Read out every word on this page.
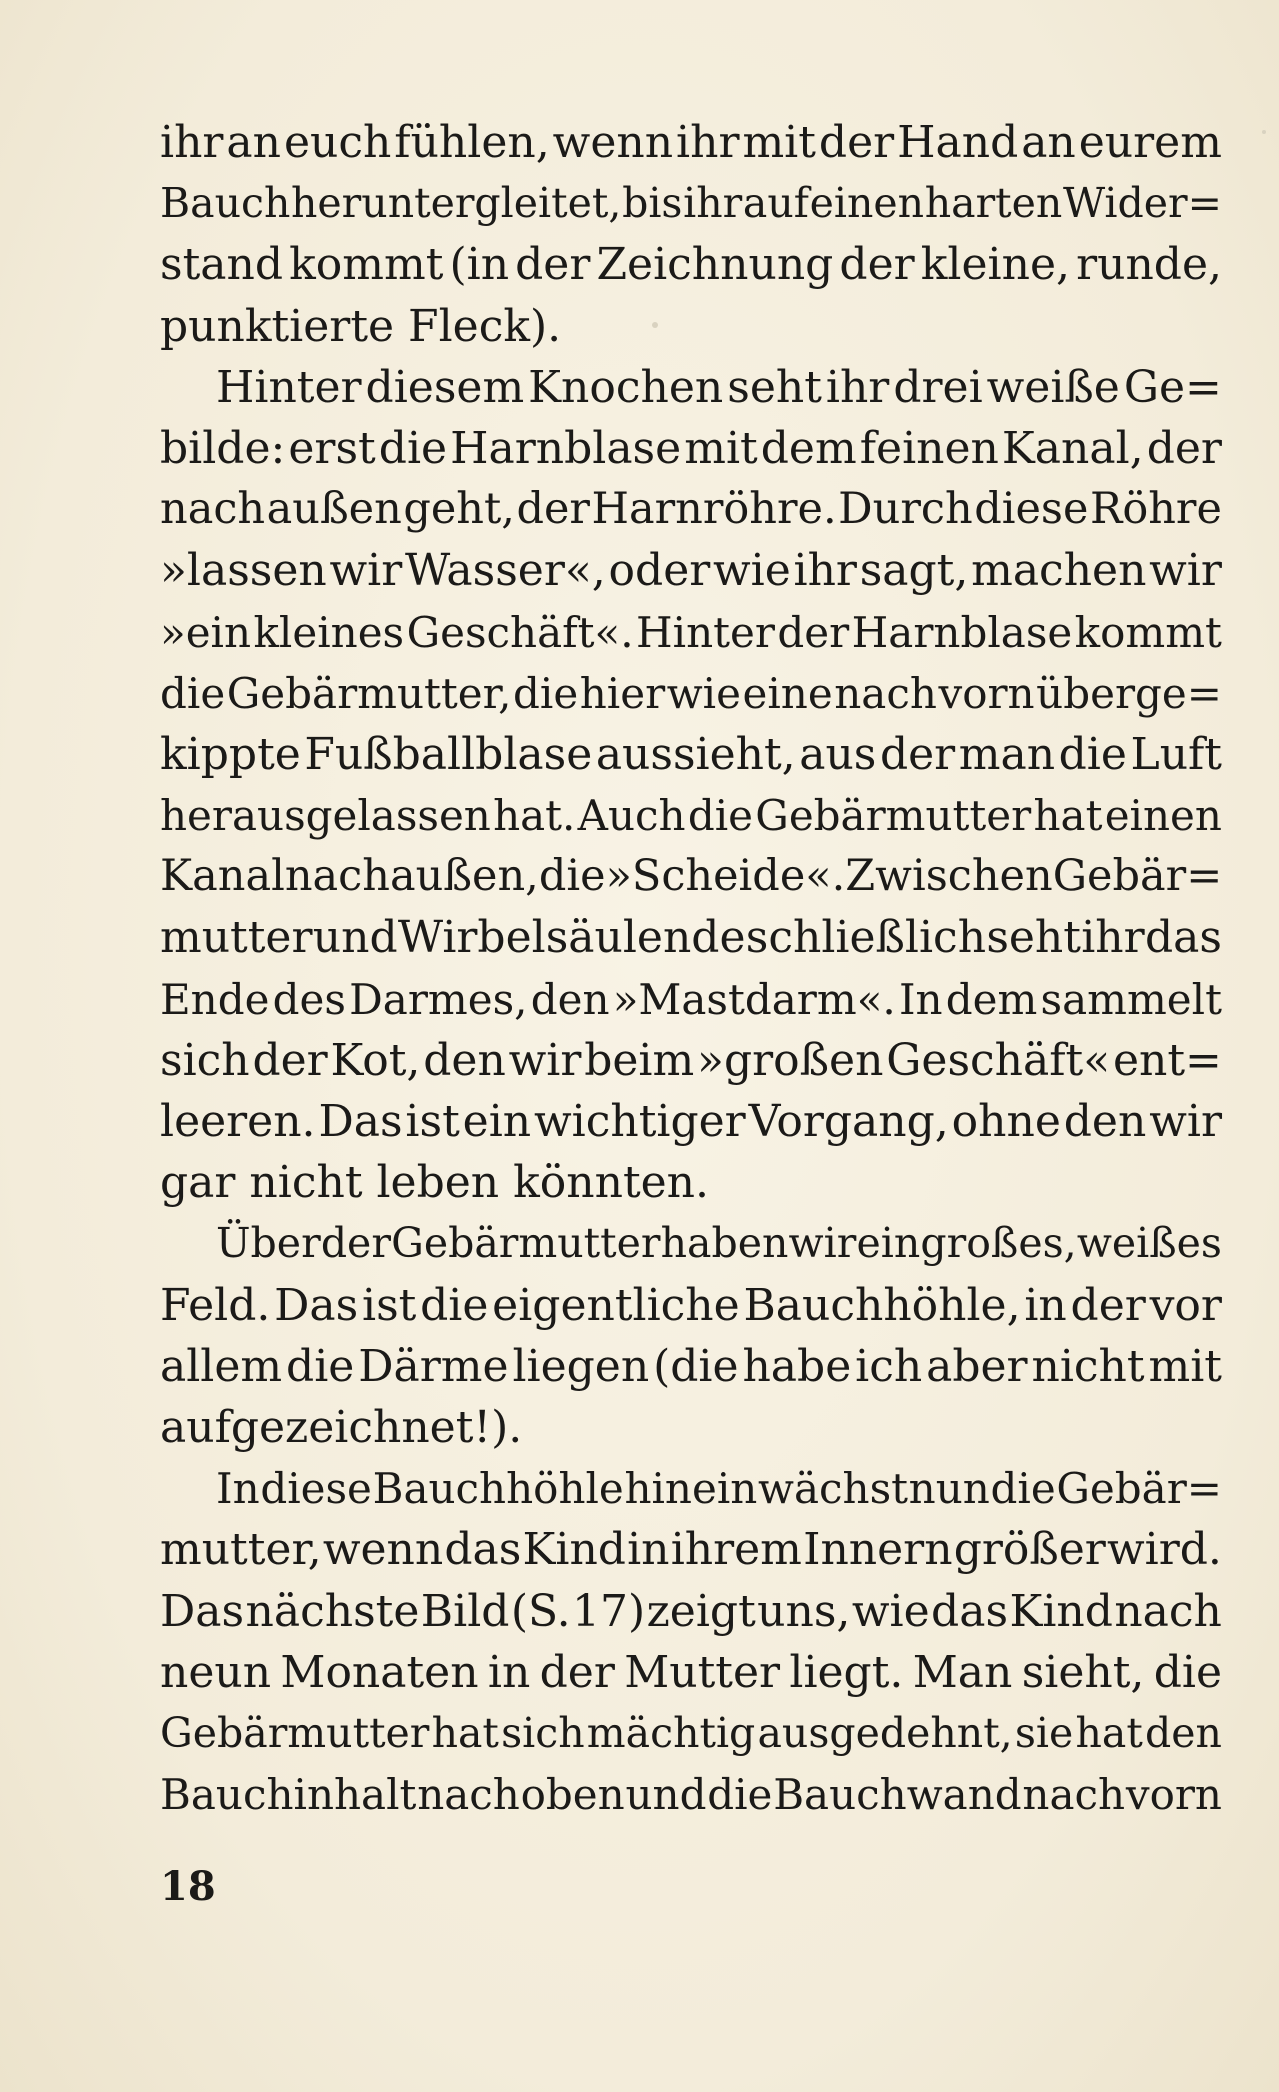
ihr an euch fühlen, wenn ihr mit der Hand an eurem
Bauch heruntergleitet, bis ihr auf einen harten Wider=
stand kommt (in der Zeichnung der kleine, runde,
punktierte Fleck).
Hinter diesem Knochen seht ihr drei weiße Ge=
bilde: erst die Harnblase mit dem feinen Kanal, der
nach außen geht, der Harnröhre. Durch diese Röhre
»lassen wir Wasser«, oder wie ihr sagt, machen wir
»ein kleines Geschäft«. Hinter der Harnblase kommt
die Gebärmutter, die hier wie eine nach vorn überge=
kippte Fußballblase aussieht, aus der man die Luft
herausgelassen hat. Auch die Gebärmutter hat einen
Kanal nach außen, die »Scheide«. Zwischen Gebär=
mutter und Wirbelsäulende schließlich seht ihr das
Ende des Darmes, den »Mastdarm«. In dem sammelt
sich der Kot, den wir beim »großen Geschäft« ent=
leeren. Das ist ein wichtiger Vorgang, ohne den wir
gar nicht leben könnten.
Über der Gebärmutter haben wir ein großes, weißes
Feld. Das ist die eigentliche Bauchhöhle, in der vor
allem die Därme liegen (die habe ich aber nicht mit
aufgezeichnet!).
In diese Bauchhöhle hinein wächst nun die Gebär=
mutter, wenn das Kind in ihrem Innern größer wird.
Das nächste Bild (S. 17) zeigt uns, wie das Kind nach
neun Monaten in der Mutter liegt. Man sieht, die
Gebärmutter hat sich mächtig ausgedehnt, sie hat den
Bauchinhalt nach oben und die Bauchwand nach vorn
18
